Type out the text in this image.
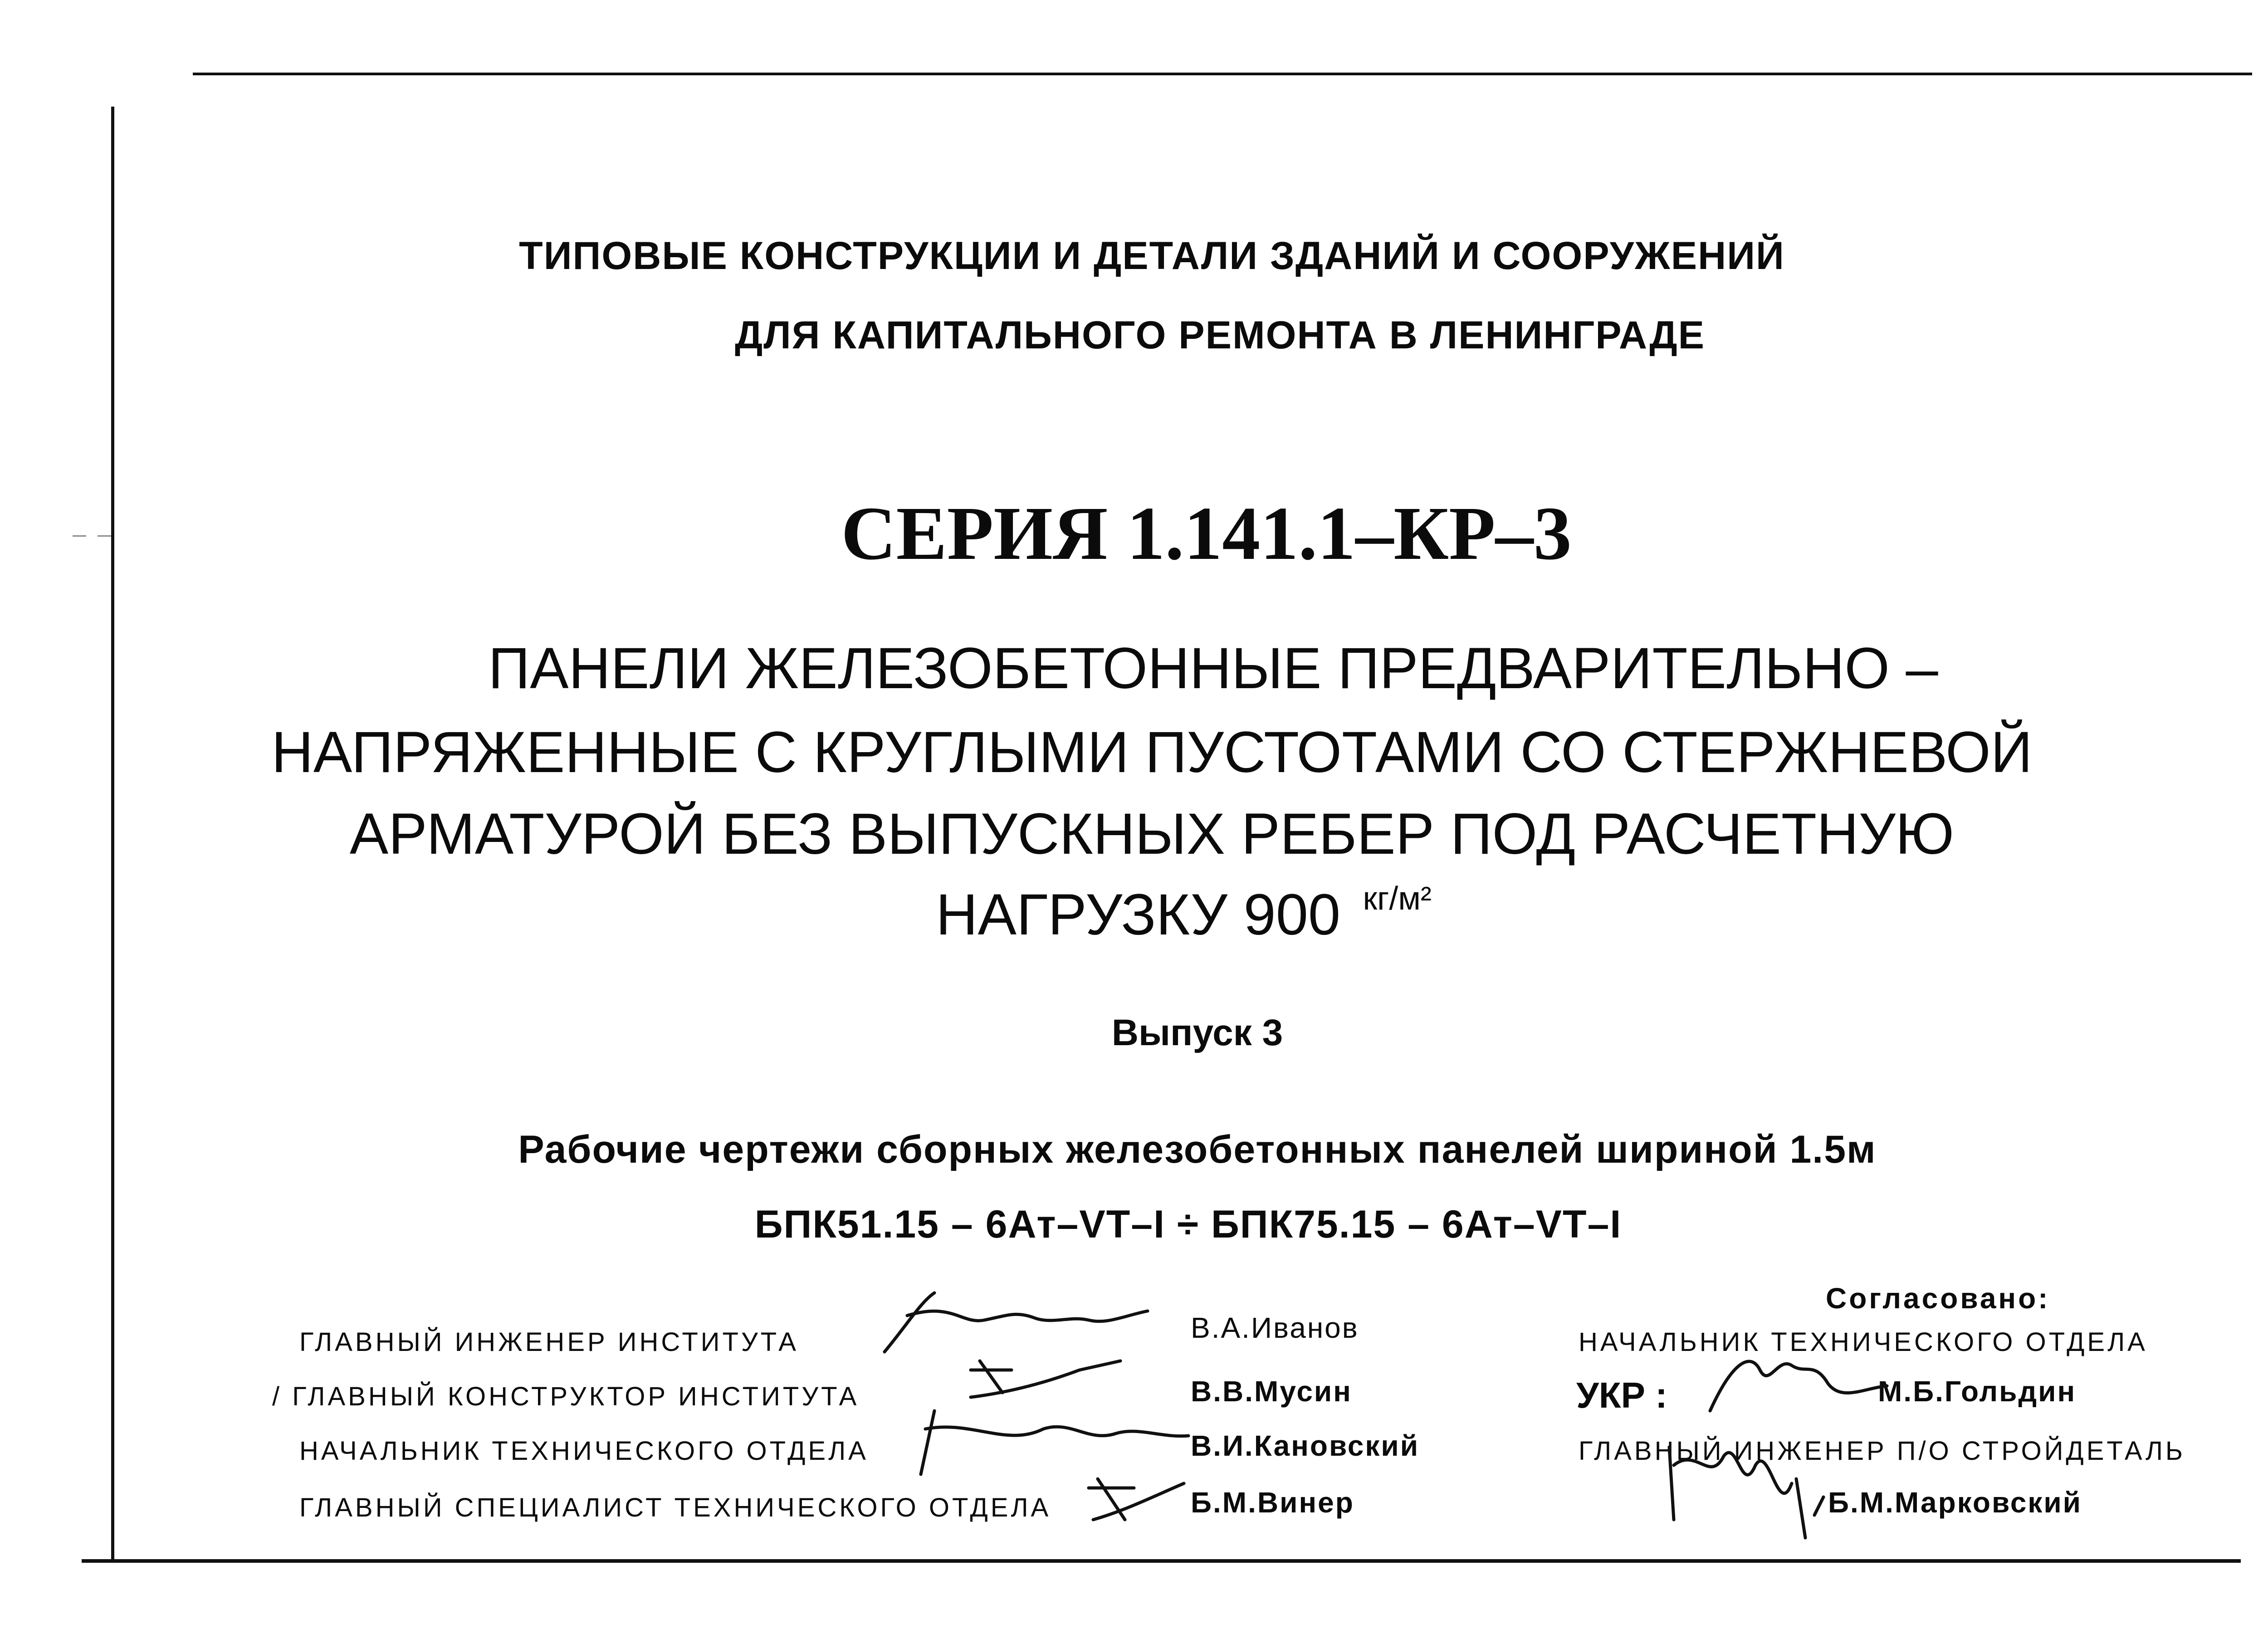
ТИПОВЫЕ КОНСТРУКЦИИ И ДЕТАЛИ ЗДАНИЙ И СООРУЖЕНИЙ
ДЛЯ КАПИТАЛЬНОГО РЕМОНТА В ЛЕНИНГРАДЕ
СЕРИЯ 1.141.1–КР–3
ПАНЕЛИ ЖЕЛЕЗОБЕТОННЫЕ ПРЕДВАРИТЕЛЬНО –
НАПРЯЖЕННЫЕ С КРУГЛЫМИ ПУСТОТАМИ СО СТЕРЖНЕВОЙ
АРМАТУРОЙ БЕЗ ВЫПУСКНЫХ РЕБЕР ПОД РАСЧЕТНУЮ
НАГРУЗКУ 900 $^{кг/м^2}$
Выпуск 3
Рабочие чертежи сборных железобетонных панелей шириной 1.5м
БПК51.15 – 6Ат–VT–I ÷ БПК75.15 – 6Ат–VT–I
ГЛАВНЫЙ ИНЖЕНЕР ИНСТИТУТА
/ ГЛАВНЫЙ КОНСТРУКТОР ИНСТИТУТА
НАЧАЛЬНИК ТЕХНИЧЕСКОГО ОТДЕЛА
ГЛАВНЫЙ СПЕЦИАЛИСТ ТЕХНИЧЕСКОГО ОТДЕЛА
В.А.Иванов
В.В.Мусин
В.И.Кановский
Б.М.Винер
Согласовано:
НАЧАЛЬНИК ТЕХНИЧЕСКОГО ОТДЕЛА
УКР :	М.Б.Гольдин
ГЛАВНЫЙ ИНЖЕНЕР П/О СТРОЙДЕТАЛЬ
Б.М.Марковский
